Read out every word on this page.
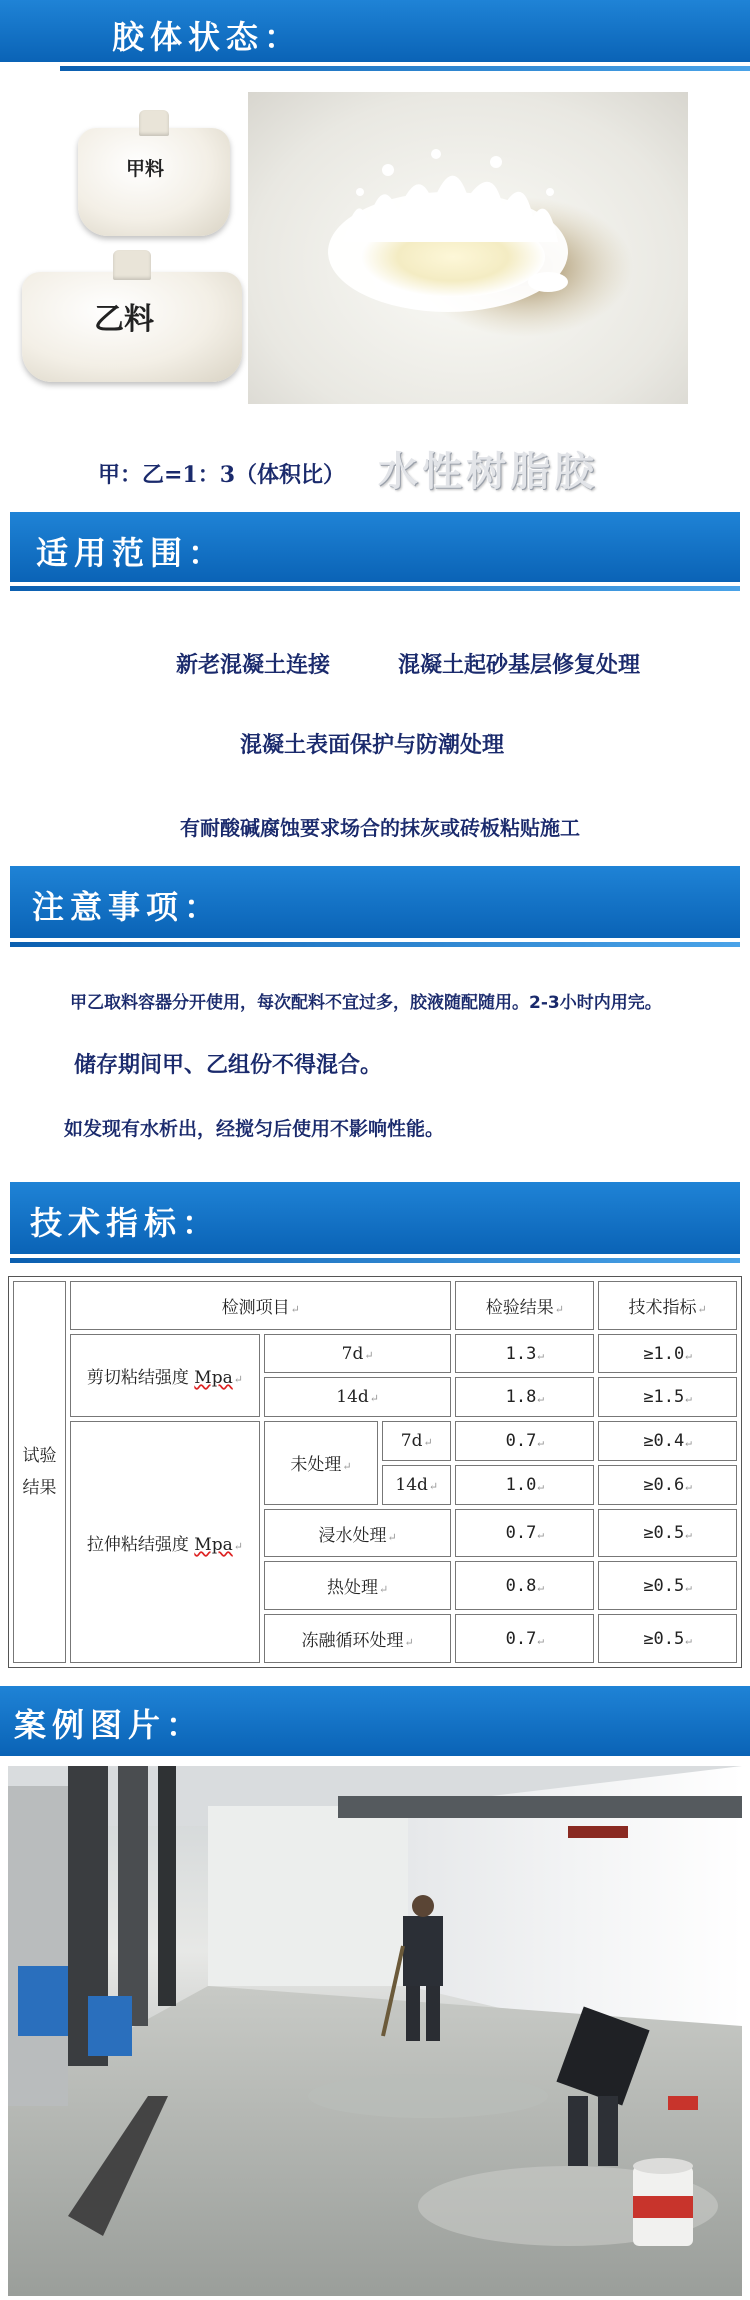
胶体状态：
甲料
乙料
甲：乙=1：3（体积比） 水性树脂胶
适用范围：
新老混凝土连接	混凝土起砂基层修复处理
混凝土表面保护与防潮处理
有耐酸碱腐蚀要求场合的抹灰或砖板粘贴施工
注意事项：
甲乙取料容器分开使用，每次配料不宜过多，胶液随配随用。2-3小时内用完。
储存期间甲、乙组份不得混合。
如发现有水析出，经搅匀后使用不影响性能。
技术指标：
试验结果	检测项目↵			检验结果↵	技术指标↵
	剪切粘结强度 Mpa↵	7d↵		1.3↵	≥1.0↵
		14d↵		1.8↵	≥1.5↵
	拉伸粘结强度 Mpa↵	未处理↵	7d↵	0.7↵	≥0.4↵
			14d↵	1.0↵	≥0.6↵
		浸水处理↵		0.7↵	≥0.5↵
		热处理↵		0.8↵	≥0.5↵
		冻融循环处理↵		0.7↵	≥0.5↵
案例图片：
